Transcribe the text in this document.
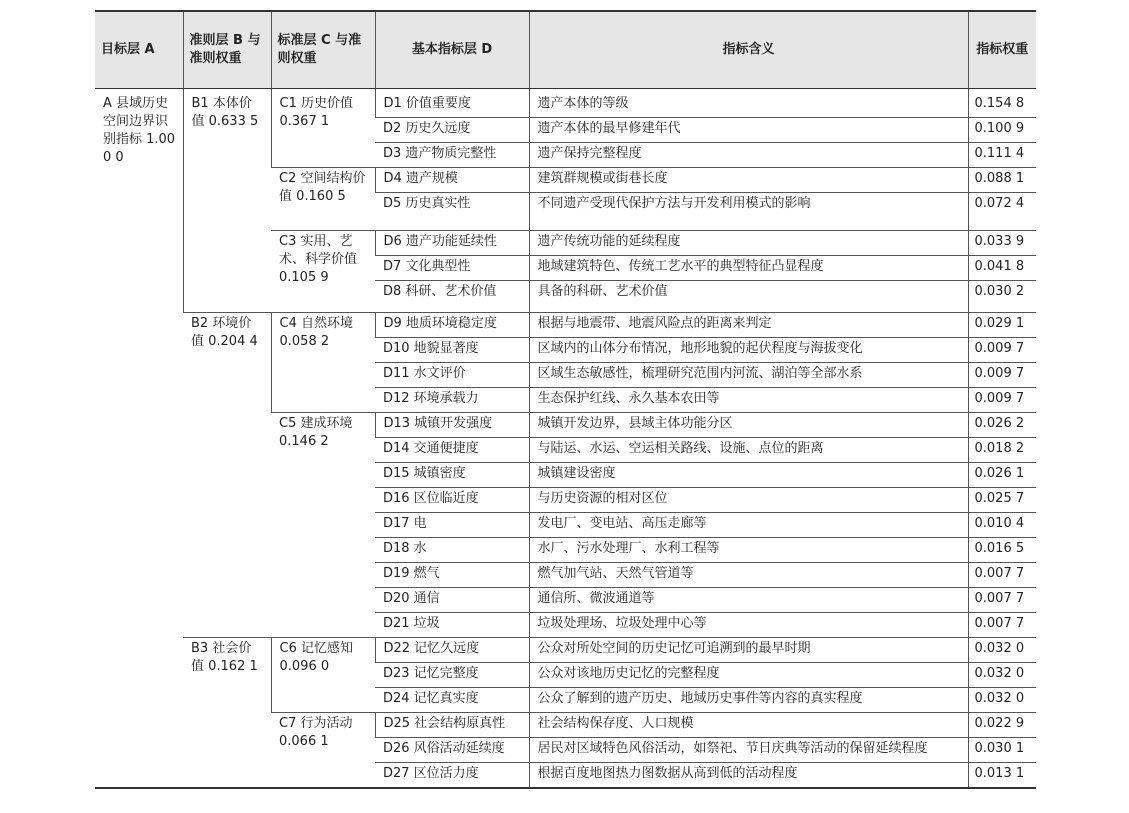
目标层 A	准则层 B 与准则权重	标准层 C 与准则权重	基本指标层 D	指标含义	指标权重
A 县域历史空间边界识别指标 1.000 0	B1 本体价值 0.633 5	C1 历史价值 0.367 1	D1 价值重要度	遗产本体的等级	0.154 8
			D2 历史久远度	遗产本体的最早修建年代	0.100 9
			D3 遗产物质完整性	遗产保持完整程度	0.111 4
		C2 空间结构价值 0.160 5	D4 遗产规模	建筑群规模或街巷长度	0.088 1
			D5 历史真实性	不同遗产受现代保护方法与开发利用模式的影响	0.072 4
		C3 实用、艺术、科学价值 0.105 9	D6 遗产功能延续性	遗产传统功能的延续程度	0.033 9
			D7 文化典型性	地域建筑特色、传统工艺水平的典型特征凸显程度	0.041 8
			D8 科研、艺术价值	具备的科研、艺术价值	0.030 2
	B2 环境价值 0.204 4	C4 自然环境 0.058 2	D9 地质环境稳定度	根据与地震带、地震风险点的距离来判定	0.029 1
			D10 地貌显著度	区域内的山体分布情况，地形地貌的起伏程度与海拔变化	0.009 7
			D11 水文评价	区域生态敏感性，梳理研究范围内河流、湖泊等全部水系	0.009 7
			D12 环境承载力	生态保护红线、永久基本农田等	0.009 7
		C5 建成环境 0.146 2	D13 城镇开发强度	城镇开发边界，县域主体功能分区	0.026 2
			D14 交通便捷度	与陆运、水运、空运相关路线、设施、点位的距离	0.018 2
			D15 城镇密度	城镇建设密度	0.026 1
			D16 区位临近度	与历史资源的相对区位	0.025 7
			D17 电	发电厂、变电站、高压走廊等	0.010 4
			D18 水	水厂、污水处理厂、水利工程等	0.016 5
			D19 燃气	燃气加气站、天然气管道等	0.007 7
			D20 通信	通信所、微波通道等	0.007 7
			D21 垃圾	垃圾处理场、垃圾处理中心等	0.007 7
	B3 社会价值 0.162 1	C6 记忆感知 0.096 0	D22 记忆久远度	公众对所处空间的历史记忆可追溯到的最早时期	0.032 0
			D23 记忆完整度	公众对该地历史记忆的完整程度	0.032 0
			D24 记忆真实度	公众了解到的遗产历史、地域历史事件等内容的真实程度	0.032 0
		C7 行为活动 0.066 1	D25 社会结构原真性	社会结构保存度、人口规模	0.022 9
			D26 风俗活动延续度	居民对区域特色风俗活动，如祭祀、节日庆典等活动的保留延续程度	0.030 1
			D27 区位活力度	根据百度地图热力图数据从高到低的活动程度	0.013 1
